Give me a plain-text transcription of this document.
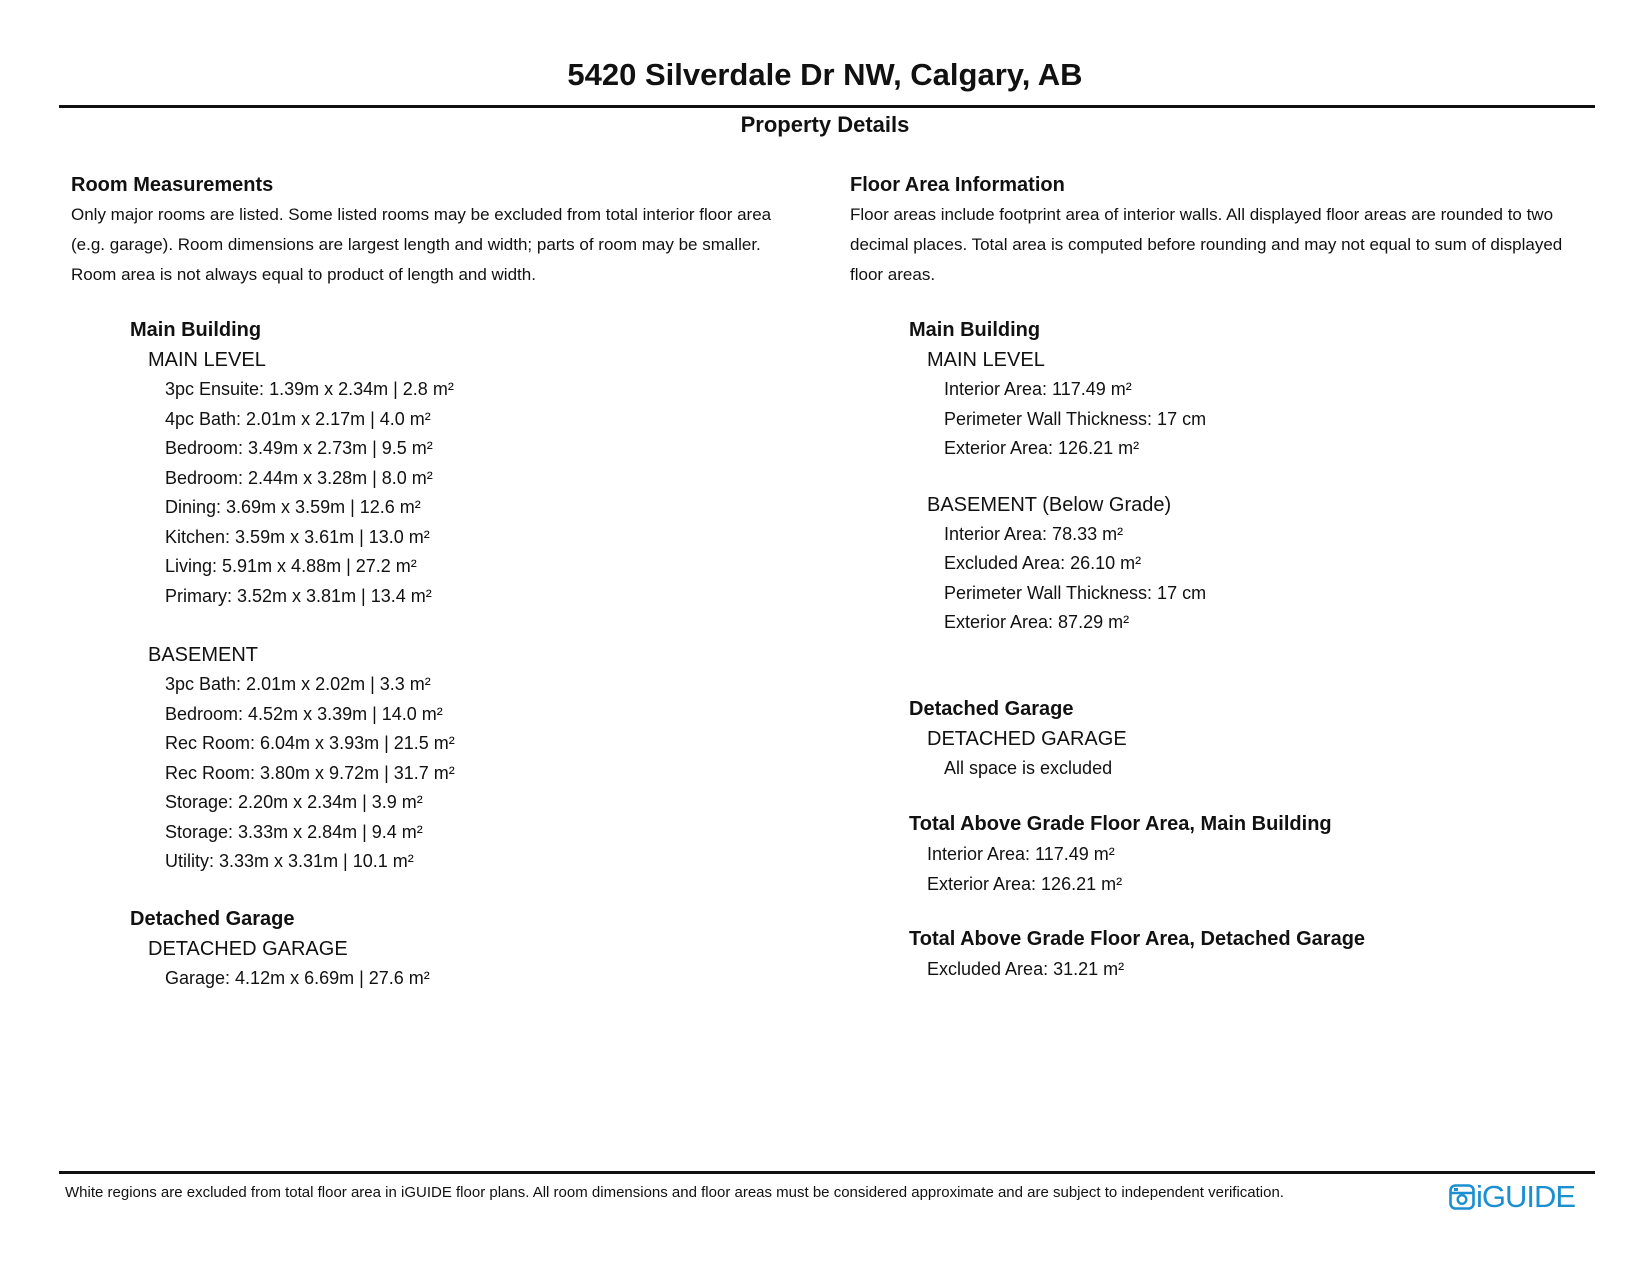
5420 Silverdale Dr NW, Calgary, AB
Property Details
Room Measurements
Only major rooms are listed. Some listed rooms may be excluded from total interior floor area
(e.g. garage). Room dimensions are largest length and width; parts of room may be smaller.
Room area is not always equal to product of length and width.
Main Building
MAIN LEVEL
3pc Ensuite: 1.39m x 2.34m | 2.8 m²
4pc Bath: 2.01m x 2.17m | 4.0 m²
Bedroom: 3.49m x 2.73m | 9.5 m²
Bedroom: 2.44m x 3.28m | 8.0 m²
Dining: 3.69m x 3.59m | 12.6 m²
Kitchen: 3.59m x 3.61m | 13.0 m²
Living: 5.91m x 4.88m | 27.2 m²
Primary: 3.52m x 3.81m | 13.4 m²
BASEMENT
3pc Bath: 2.01m x 2.02m | 3.3 m²
Bedroom: 4.52m x 3.39m | 14.0 m²
Rec Room: 6.04m x 3.93m | 21.5 m²
Rec Room: 3.80m x 9.72m | 31.7 m²
Storage: 2.20m x 2.34m | 3.9 m²
Storage: 3.33m x 2.84m | 9.4 m²
Utility: 3.33m x 3.31m | 10.1 m²
Detached Garage
DETACHED GARAGE
Garage: 4.12m x 6.69m | 27.6 m²
Floor Area Information
Floor areas include footprint area of interior walls. All displayed floor areas are rounded to two
decimal places. Total area is computed before rounding and may not equal to sum of displayed
floor areas.
Main Building
MAIN LEVEL
Interior Area: 117.49 m²
Perimeter Wall Thickness: 17 cm
Exterior Area: 126.21 m²
BASEMENT (Below Grade)
Interior Area: 78.33 m²
Excluded Area: 26.10 m²
Perimeter Wall Thickness: 17 cm
Exterior Area: 87.29 m²
Detached Garage
DETACHED GARAGE
All space is excluded
Total Above Grade Floor Area, Main Building
Interior Area: 117.49 m²
Exterior Area: 126.21 m²
Total Above Grade Floor Area, Detached Garage
Excluded Area: 31.21 m²
White regions are excluded from total floor area in iGUIDE floor plans. All room dimensions and floor areas must be considered approximate and are subject to independent verification.	iGUIDE
